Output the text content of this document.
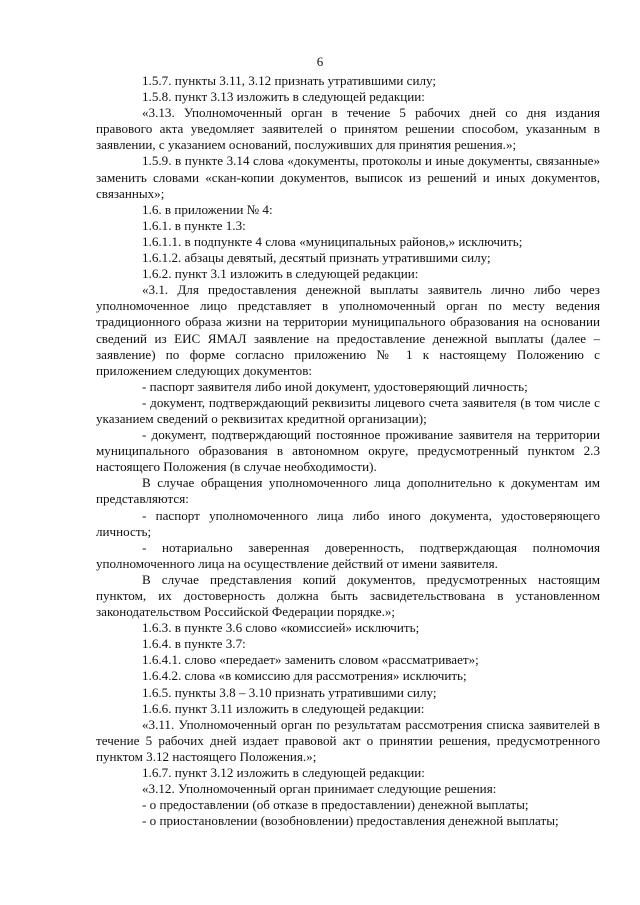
6

1.5.7. пункты 3.11, 3.12 признать утратившими силу;

1.5.8. пункт 3.13 изложить в следующей редакции:

«3.13. Уполномоченный орган в течение 5 рабочих дней со дня издания правового акта уведомляет заявителей о принятом решении способом, указанным в заявлении, с указанием оснований, послуживших для принятия решения.»;

1.5.9. в пункте 3.14 слова «документы, протоколы и иные документы, связанные» заменить словами «скан-копии документов, выписок из решений и иных документов, связанных»;

1.6. в приложении № 4:

1.6.1. в пункте 1.3:

1.6.1.1. в подпункте 4 слова «муниципальных районов,» исключить;

1.6.1.2. абзацы девятый, десятый признать утратившими силу;

1.6.2. пункт 3.1 изложить в следующей редакции:

«3.1. Для предоставления денежной выплаты заявитель лично либо через уполномоченное лицо представляет в уполномоченный орган по месту ведения традиционного образа жизни на территории муниципального образования на основании сведений из ЕИС ЯМАЛ заявление на предоставление денежной выплаты (далее – заявление) по форме согласно приложению № 1 к настоящему Положению с приложением следующих документов:

- паспорт заявителя либо иной документ, удостоверяющий личность;

- документ, подтверждающий реквизиты лицевого счета заявителя (в том числе с указанием сведений о реквизитах кредитной организации);

- документ, подтверждающий постоянное проживание заявителя на территории муниципального образования в автономном округе, предусмотренный пунктом 2.3 настоящего Положения (в случае необходимости).

В случае обращения уполномоченного лица дополнительно к документам им представляются:

- паспорт уполномоченного лица либо иного документа, удостоверяющего личность;

- нотариально заверенная доверенность, подтверждающая полномочия уполномоченного лица на осуществление действий от имени заявителя.

В случае представления копий документов, предусмотренных настоящим пунктом, их достоверность должна быть засвидетельствована в установленном законодательством Российской Федерации порядке.»;

1.6.3. в пункте 3.6 слово «комиссией» исключить;

1.6.4. в пункте 3.7:

1.6.4.1. слово «передает» заменить словом «рассматривает»;

1.6.4.2. слова «в комиссию для рассмотрения» исключить;

1.6.5. пункты 3.8 – 3.10 признать утратившими силу;

1.6.6. пункт 3.11 изложить в следующей редакции:

«3.11. Уполномоченный орган по результатам рассмотрения списка заявителей в течение 5 рабочих дней издает правовой акт о принятии решения, предусмотренного пунктом 3.12 настоящего Положения.»;

1.6.7. пункт 3.12 изложить в следующей редакции:

«3.12. Уполномоченный орган принимает следующие решения:

- о предоставлении (об отказе в предоставлении) денежной выплаты;

- о приостановлении (возобновлении) предоставления денежной выплаты;
